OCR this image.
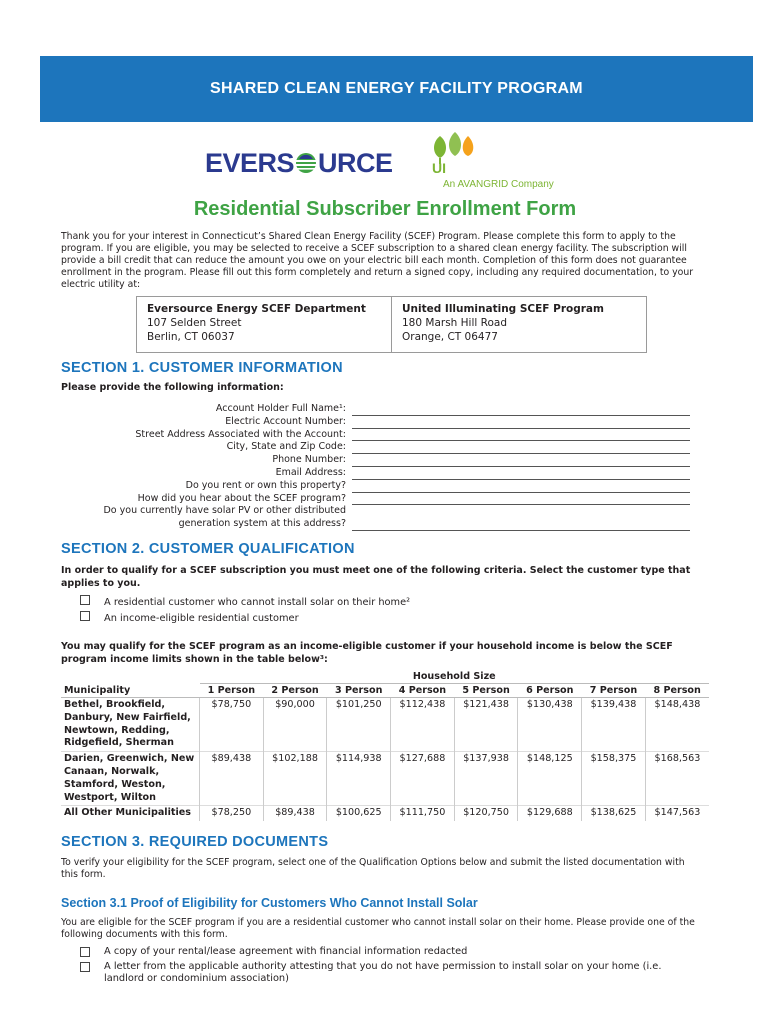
SHARED CLEAN ENERGY FACILITY PROGRAM
EVERS URCE	UI
An AVANGRID Company
Residential Subscriber Enrollment Form

Thank you for your interest in Connecticut’s Shared Clean Energy Facility (SCEF) Program. Please complete this form to apply to the program. If you are eligible, you may be selected to receive a SCEF subscription to a shared clean energy facility. The subscription will provide a bill credit that can reduce the amount you owe on your electric bill each month. Completion of this form does not guarantee enrollment in the program. Please fill out this form completely and return a signed copy, including any required documentation, to your electric utility at:

Eversource Energy SCEF Department
107 Selden Street
Berlin, CT 06037
United Illuminating SCEF Program
180 Marsh Hill Road
Orange, CT 06477
SECTION 1. CUSTOMER INFORMATION

Please provide the following information:

Account Holder Full Name¹:
Electric Account Number:
Street Address Associated with the Account:
City, State and Zip Code:
Phone Number:
Email Address:
Do you rent or own this property?
How did you hear about the SCEF program?
Do you currently have solar PV or other distributed
generation system at this address?
SECTION 2. CUSTOMER QUALIFICATION

In order to qualify for a SCEF subscription you must meet one of the following criteria. Select the customer type that applies to you.

A residential customer who cannot install solar on their home²
An income-eligible residential customer

You may qualify for the SCEF program as an income-eligible customer if your household income is below the SCEF program income limits shown in the table below³:

	Household Size							
Municipality	1 Person	2 Person	3 Person	4 Person	5 Person	6 Person	7 Person	8 Person
Bethel, Brookfield, Danbury, New Fairfield, Newtown, Redding, Ridgefield, Sherman	$78,750	$90,000	$101,250	$112,438	$121,438	$130,438	$139,438	$148,438
Darien, Greenwich, New Canaan, Norwalk, Stamford, Weston, Westport, Wilton	$89,438	$102,188	$114,938	$127,688	$137,938	$148,125	$158,375	$168,563
All Other Municipalities	$78,250	$89,438	$100,625	$111,750	$120,750	$129,688	$138,625	$147,563
SECTION 3. REQUIRED DOCUMENTS

To verify your eligibility for the SCEF program, select one of the Qualification Options below and submit the listed documentation with this form.

Section 3.1 Proof of Eligibility for Customers Who Cannot Install Solar

You are eligible for the SCEF program if you are a residential customer who cannot install solar on their home. Please provide one of the following documents with this form.

A copy of your rental/lease agreement with financial information redacted
A letter from the applicable authority attesting that you do not have permission to install solar on your home (i.e. landlord or condominium association)
